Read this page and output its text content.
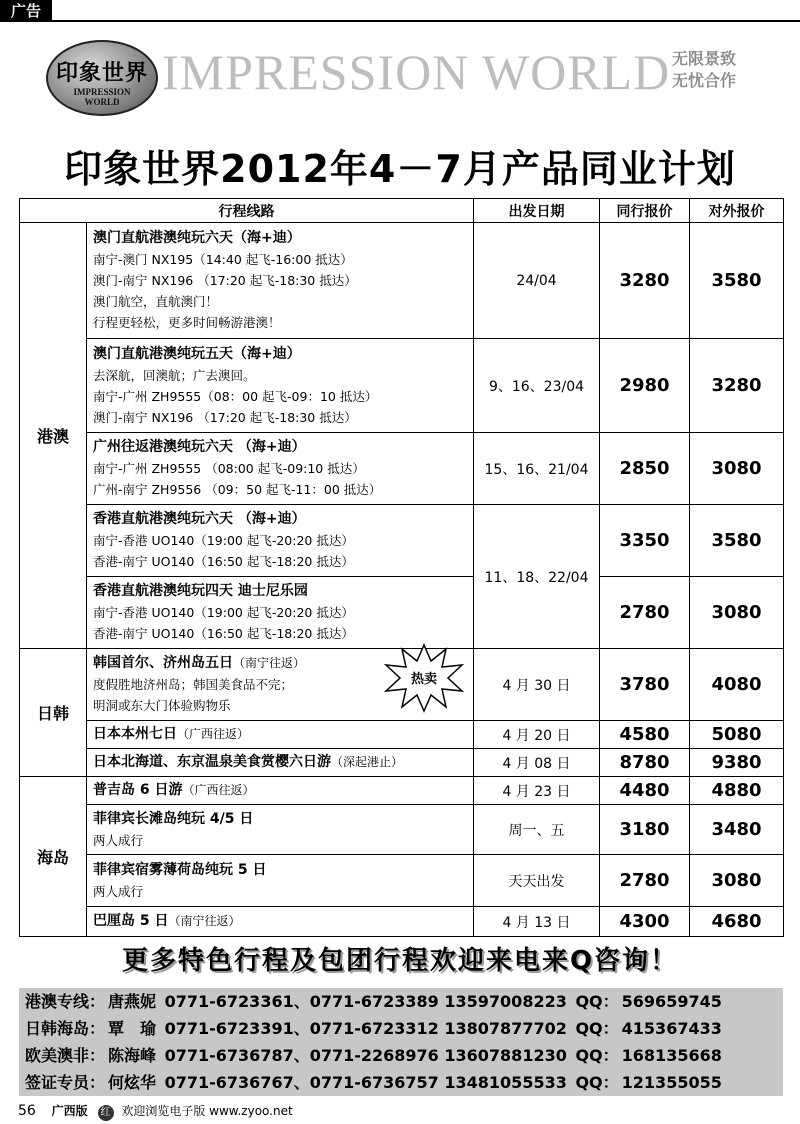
广告
印象世界
IMPRESSION
WORLD
IMPRESSION WORLD 无限景致
无忧合作
印象世界2012年4－7月产品同业计划
行程线路		出发日期	同行报价	对外报价
港澳	澳门直航港澳纯玩六天（海+迪）
南宁-澳门 NX195（14:40 起飞-16:00 抵达）
澳门-南宁 NX196 （17:20 起飞-18:30 抵达）
澳门航空，直航澳门！
行程更轻松，更多时间畅游港澳！	24/04	3280	3580

	澳门直航港澳纯玩五天（海+迪）
去深航，回澳航；广去澳回。
南宁-广州 ZH9555（08：00 起飞-09：10 抵达）
澳门-南宁 NX196 （17:20 起飞-18:30 抵达）	9、16、23/04	2980	3280

	广州往返港澳纯玩六天 （海+迪）
南宁-广州 ZH9555 （08:00 起飞-09:10 抵达）
广州-南宁 ZH9556 （09：50 起飞-11：00 抵达）	15、16、21/04	2850	3080

	香港直航港澳纯玩六天 （海+迪）
南宁-香港 UO140（19:00 起飞-20:20 抵达）
香港-南宁 UO140（16:50 起飞-18:20 抵达）	11、18、22/04	3350	3580

	香港直航港澳纯玩四天 迪士尼乐园
南宁-香港 UO140（19:00 起飞-20:20 抵达）
香港-南宁 UO140（16:50 起飞-18:20 抵达）		2780	3080
日韩	韩国首尔、济州岛五日（南宁往返）
度假胜地济州岛；韩国美食品不完；
明洞或东大门体验购物乐	4 月 30 日	3780	4080

	日本本州七日（广西往返）	4 月 20 日	4580	5080

	日本北海道、东京温泉美食赏樱六日游（深起港止）	4 月 08 日	8780	9380
海岛	普吉岛 6 日游（广西往返）	4 月 23 日	4480	4880

	菲律宾长滩岛纯玩 4/5 日
两人成行	周一、五	3180	3480

	菲律宾宿雾薄荷岛纯玩 5 日
两人成行	天天出发	2780	3080

	巴厘岛 5 日（南宁往返）	4 月 13 日	4300	4680
热卖
更多特色行程及包团行程欢迎来电来Q咨询！
港澳专线： 唐燕妮 0771-6723361、0771-6723389 13597008223 QQ： 569659745
日韩海岛： 覃　瑜 0771-6723391、0771-6723312 13807877702 QQ： 415367433
欧美澳非： 陈海峰 0771-6736787、0771-2268976 13607881230 QQ： 168135668
签证专员： 何炫华 0771-6736767、0771-6736757 13481055533 QQ： 121355055
56 广西版 红 欢迎浏览电子版 www.zyoo.net
